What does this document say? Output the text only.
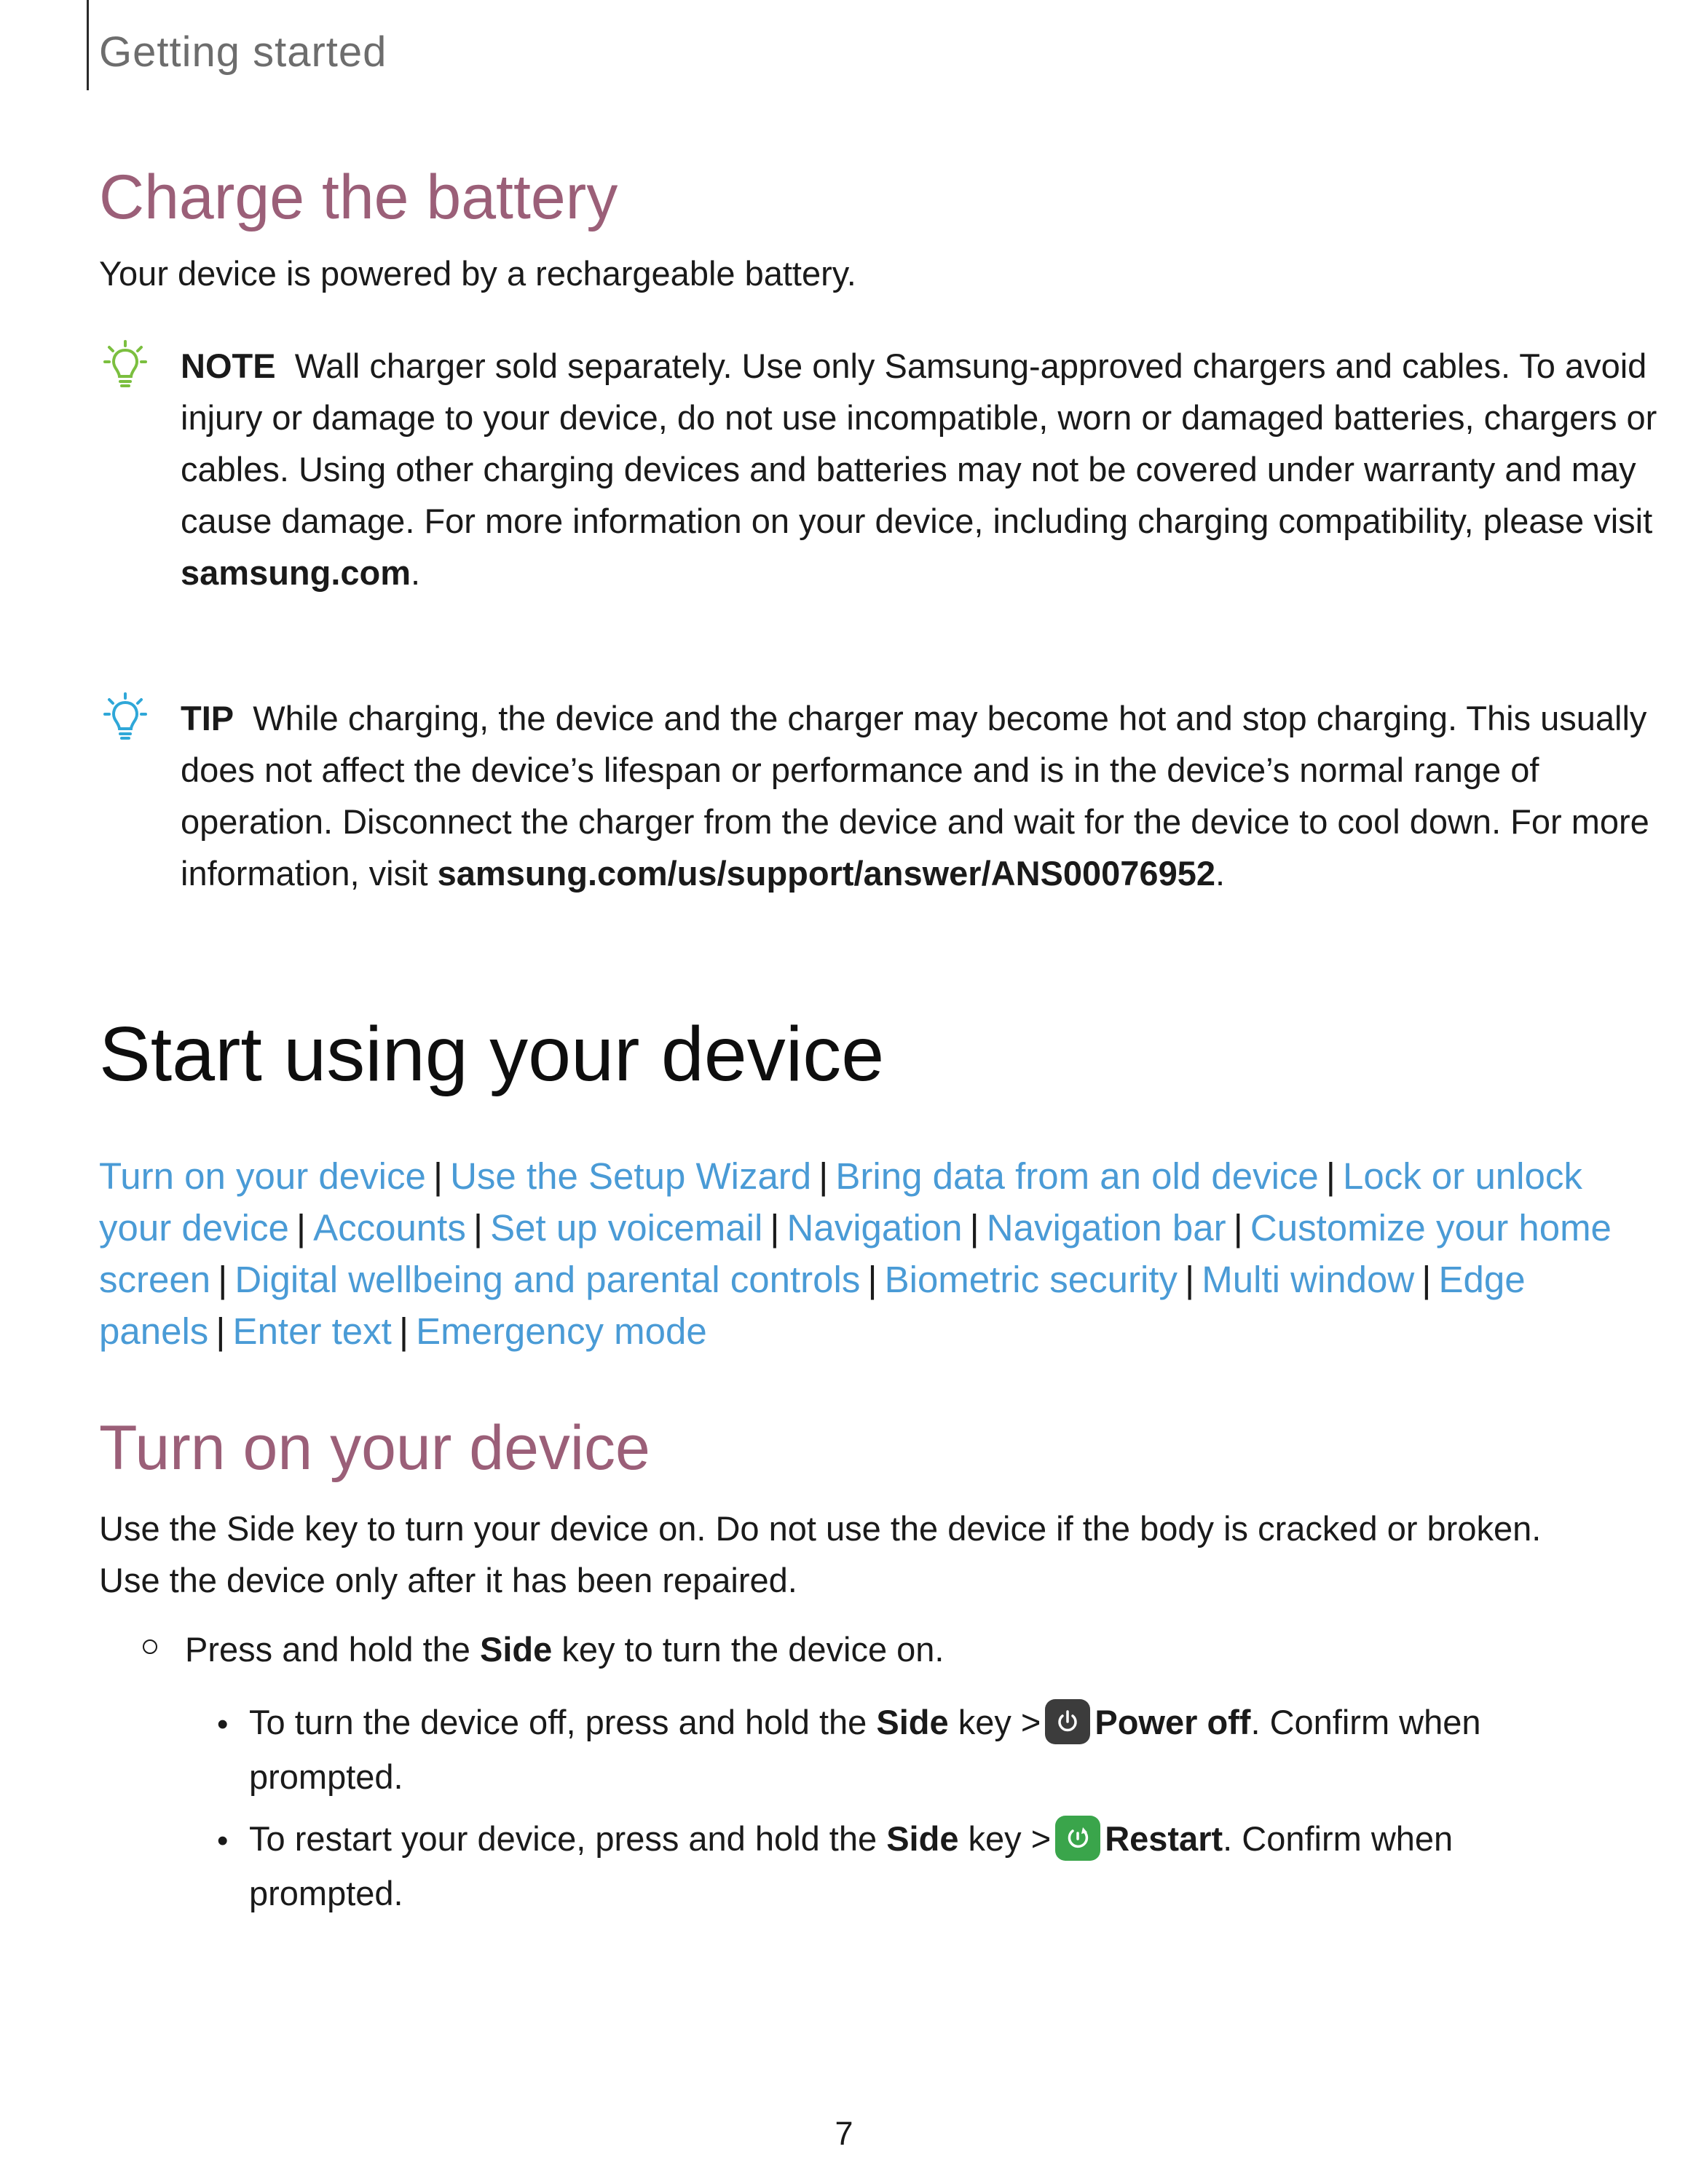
Getting started
Charge the battery

Your device is powered by a rechargeable battery.

NOTE Wall charger sold separately. Use only Samsung-approved chargers and cables. To avoid injury or damage to your device, do not use incompatible, worn or damaged batteries, chargers or cables. Using other charging devices and batteries may not be covered under warranty and may cause damage. For more information on your device, including charging compatibility, please visit samsung.com.

TIP While charging, the device and the charger may become hot and stop charging. This usually does not affect the device’s lifespan or performance and is in the device’s normal range of operation. Disconnect the charger from the device and wait for the device to cool down. For more information, visit samsung.com/us/support/answer/ANS00076952.

Start using your device

Turn on your device | Use the Setup Wizard | Bring data from an old device | Lock or unlock your device | Accounts | Set up voicemail | Navigation | Navigation bar | Customize your home screen | Digital wellbeing and parental controls | Biometric security | Multi window | Edge panels | Enter text | Emergency mode

Turn on your device

Use the Side key to turn your device on. Do not use the device if the body is cracked or broken. Use the device only after it has been repaired.

Press and hold the Side key to turn the device on.

• To turn the device off, press and hold the Side key > Power off. Confirm when prompted.

• To restart your device, press and hold the Side key > Restart. Confirm when prompted.

7
